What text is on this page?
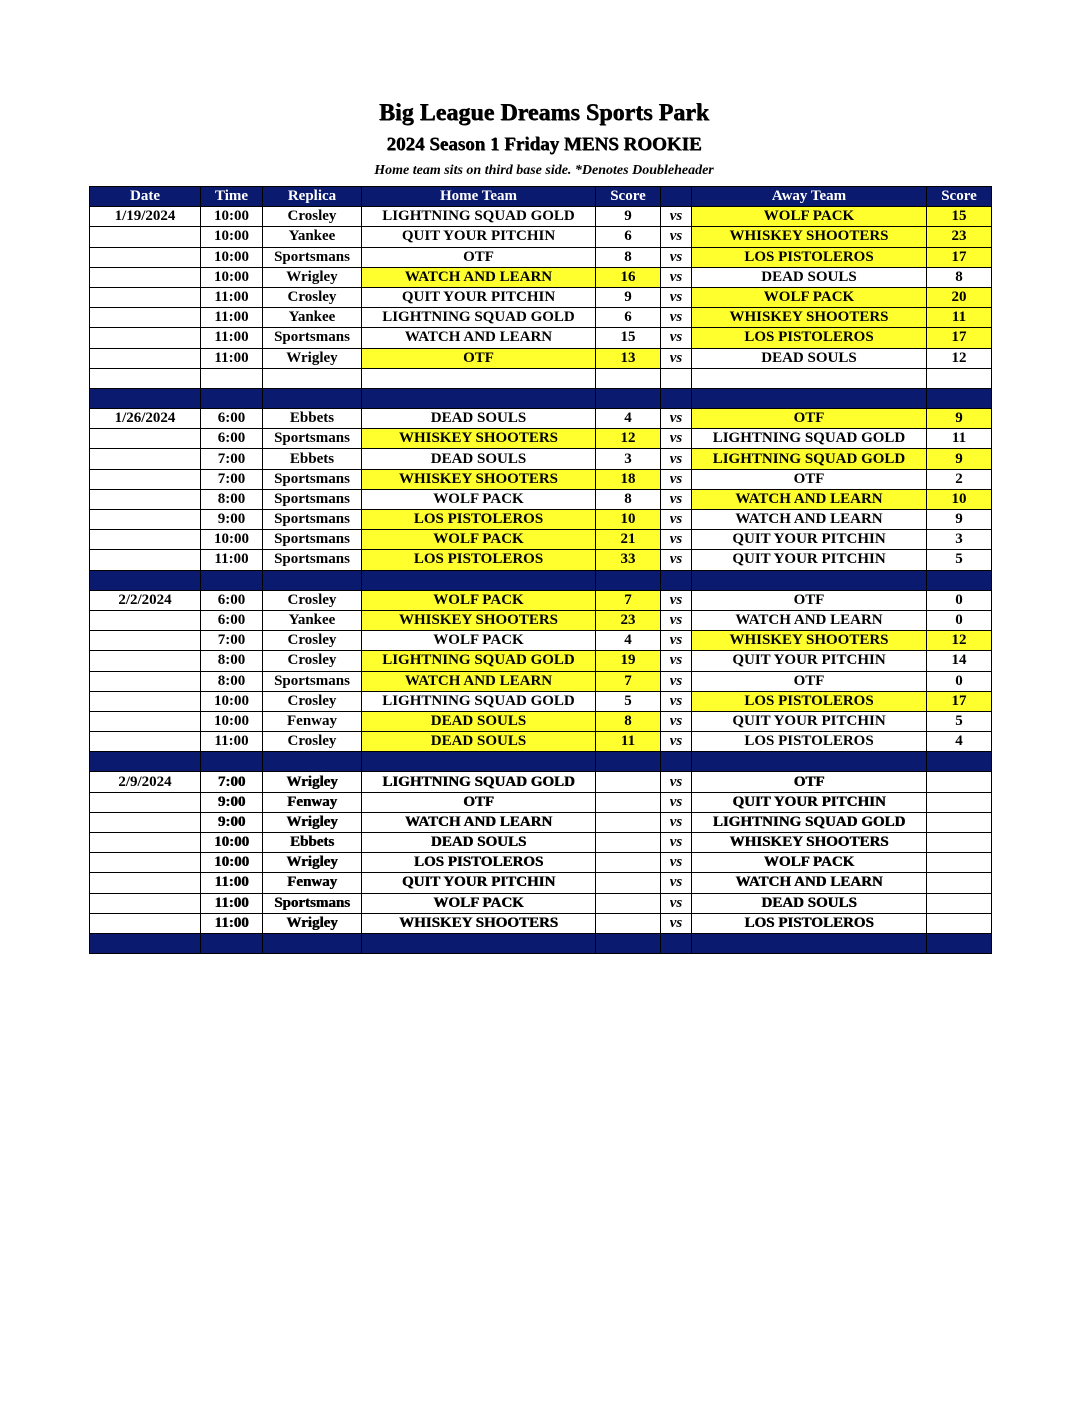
Big League Dreams Sports Park
2024 Season 1 Friday MENS ROOKIE
Home team sits on third base side. *Denotes Doubleheader
Date	Time	Replica	Home Team	Score		Away Team	Score
1/19/2024	10:00	Crosley	LIGHTNING SQUAD GOLD	9	vs	WOLF PACK	15
	10:00	Yankee	QUIT YOUR PITCHIN	6	vs	WHISKEY SHOOTERS	23
	10:00	Sportsmans	OTF	8	vs	LOS PISTOLEROS	17
	10:00	Wrigley	WATCH AND LEARN	16	vs	DEAD SOULS	8
	11:00	Crosley	QUIT YOUR PITCHIN	9	vs	WOLF PACK	20
	11:00	Yankee	LIGHTNING SQUAD GOLD	6	vs	WHISKEY SHOOTERS	11
	11:00	Sportsmans	WATCH AND LEARN	15	vs	LOS PISTOLEROS	17
	11:00	Wrigley	OTF	13	vs	DEAD SOULS	12

1/26/2024	6:00	Ebbets	DEAD SOULS	4	vs	OTF	9
	6:00	Sportsmans	WHISKEY SHOOTERS	12	vs	LIGHTNING SQUAD GOLD	11
	7:00	Ebbets	DEAD SOULS	3	vs	LIGHTNING SQUAD GOLD	9
	7:00	Sportsmans	WHISKEY SHOOTERS	18	vs	OTF	2
	8:00	Sportsmans	WOLF PACK	8	vs	WATCH AND LEARN	10
	9:00	Sportsmans	LOS PISTOLEROS	10	vs	WATCH AND LEARN	9
	10:00	Sportsmans	WOLF PACK	21	vs	QUIT YOUR PITCHIN	3
	11:00	Sportsmans	LOS PISTOLEROS	33	vs	QUIT YOUR PITCHIN	5

2/2/2024	6:00	Crosley	WOLF PACK	7	vs	OTF	0
	6:00	Yankee	WHISKEY SHOOTERS	23	vs	WATCH AND LEARN	0
	7:00	Crosley	WOLF PACK	4	vs	WHISKEY SHOOTERS	12
	8:00	Crosley	LIGHTNING SQUAD GOLD	19	vs	QUIT YOUR PITCHIN	14
	8:00	Sportsmans	WATCH AND LEARN	7	vs	OTF	0
	10:00	Crosley	LIGHTNING SQUAD GOLD	5	vs	LOS PISTOLEROS	17
	10:00	Fenway	DEAD SOULS	8	vs	QUIT YOUR PITCHIN	5
	11:00	Crosley	DEAD SOULS	11	vs	LOS PISTOLEROS	4

2/9/2024	7:00	Wrigley	LIGHTNING SQUAD GOLD		vs	OTF	
	9:00	Fenway	OTF		vs	QUIT YOUR PITCHIN	
	9:00	Wrigley	WATCH AND LEARN		vs	LIGHTNING SQUAD GOLD	
	10:00	Ebbets	DEAD SOULS		vs	WHISKEY SHOOTERS	
	10:00	Wrigley	LOS PISTOLEROS		vs	WOLF PACK	
	11:00	Fenway	QUIT YOUR PITCHIN		vs	WATCH AND LEARN	
	11:00	Sportsmans	WOLF PACK		vs	DEAD SOULS	
	11:00	Wrigley	WHISKEY SHOOTERS		vs	LOS PISTOLEROS	
